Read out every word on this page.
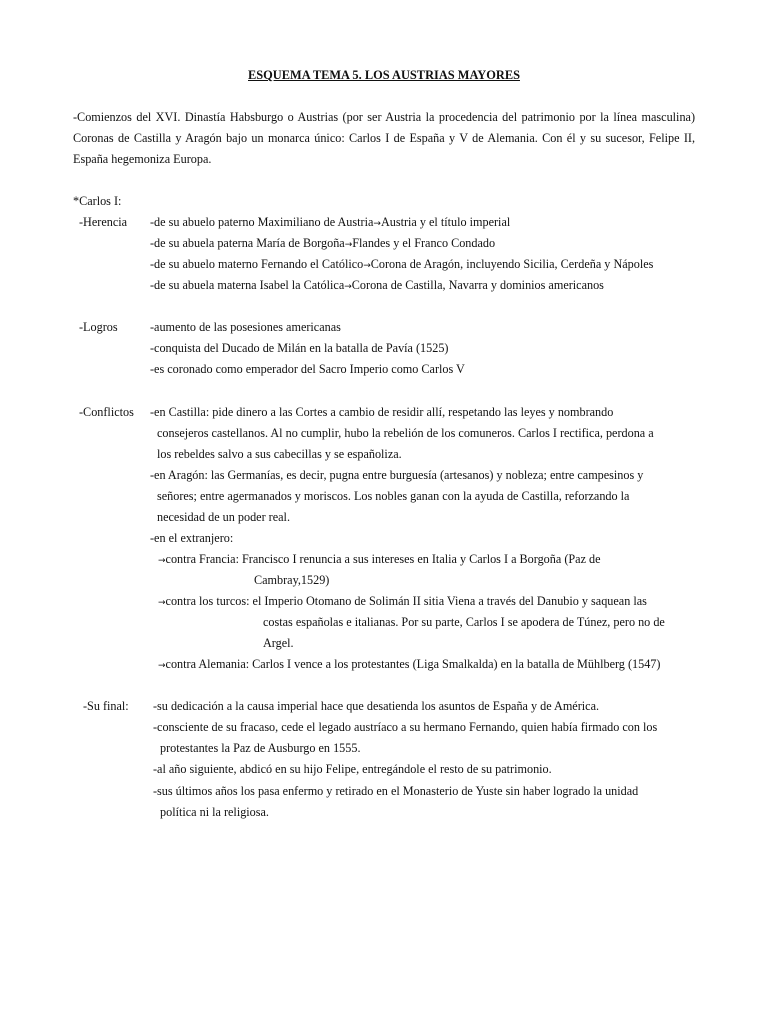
ESQUEMA TEMA 5. LOS AUSTRIAS MAYORES

-Comienzos del XVI. Dinastía Habsburgo o Austrias (por ser Austria la procedencia del patrimonio por la línea masculina) Coronas de Castilla y Aragón bajo un monarca único: Carlos I de España y V de Alemania. Con él y su sucesor, Felipe II, España hegemoniza Europa.

*Carlos I:
-Herencia -de su abuelo paterno Maximiliano de Austria→Austria y el título imperial
-de su abuela paterna María de Borgoña→Flandes y el Franco Condado
-de su abuelo materno Fernando el Católico→Corona de Aragón, incluyendo Sicilia, Cerdeña y Nápoles
-de su abuela materna Isabel la Católica→Corona de Castilla, Navarra y dominios americanos
-Logros	-aumento de las posesiones americanas
-conquista del Ducado de Milán en la batalla de Pavía (1525)
-es coronado como emperador del Sacro Imperio como Carlos V
-Conflictos -en Castilla: pide dinero a las Cortes a cambio de residir allí, respetando las leyes y nombrando
consejeros castellanos. Al no cumplir, hubo la rebelión de los comuneros. Carlos I rectifica, perdona a
los rebeldes salvo a sus cabecillas y se españoliza.
-en Aragón: las Germanías, es decir, pugna entre burguesía (artesanos) y nobleza; entre campesinos y
señores; entre agermanados y moriscos. Los nobles ganan con la ayuda de Castilla, reforzando la
necesidad de un poder real.
-en el extranjero:
→contra Francia: Francisco I renuncia a sus intereses en Italia y Carlos I a Borgoña (Paz de
Cambray,1529)
→contra los turcos: el Imperio Otomano de Solimán II sitia Viena a través del Danubio y saquean las
costas españolas e italianas. Por su parte, Carlos I se apodera de Túnez, pero no de
Argel.
→contra Alemania: Carlos I vence a los protestantes (Liga Smalkalda) en la batalla de Mühlberg (1547)
-Su final: -su dedicación a la causa imperial hace que desatienda los asuntos de España y de América.
-consciente de su fracaso, cede el legado austríaco a su hermano Fernando, quien había firmado con los
protestantes la Paz de Ausburgo en 1555.
-al año siguiente, abdicó en su hijo Felipe, entregándole el resto de su patrimonio.
-sus últimos años los pasa enfermo y retirado en el Monasterio de Yuste sin haber logrado la unidad
política ni la religiosa.
